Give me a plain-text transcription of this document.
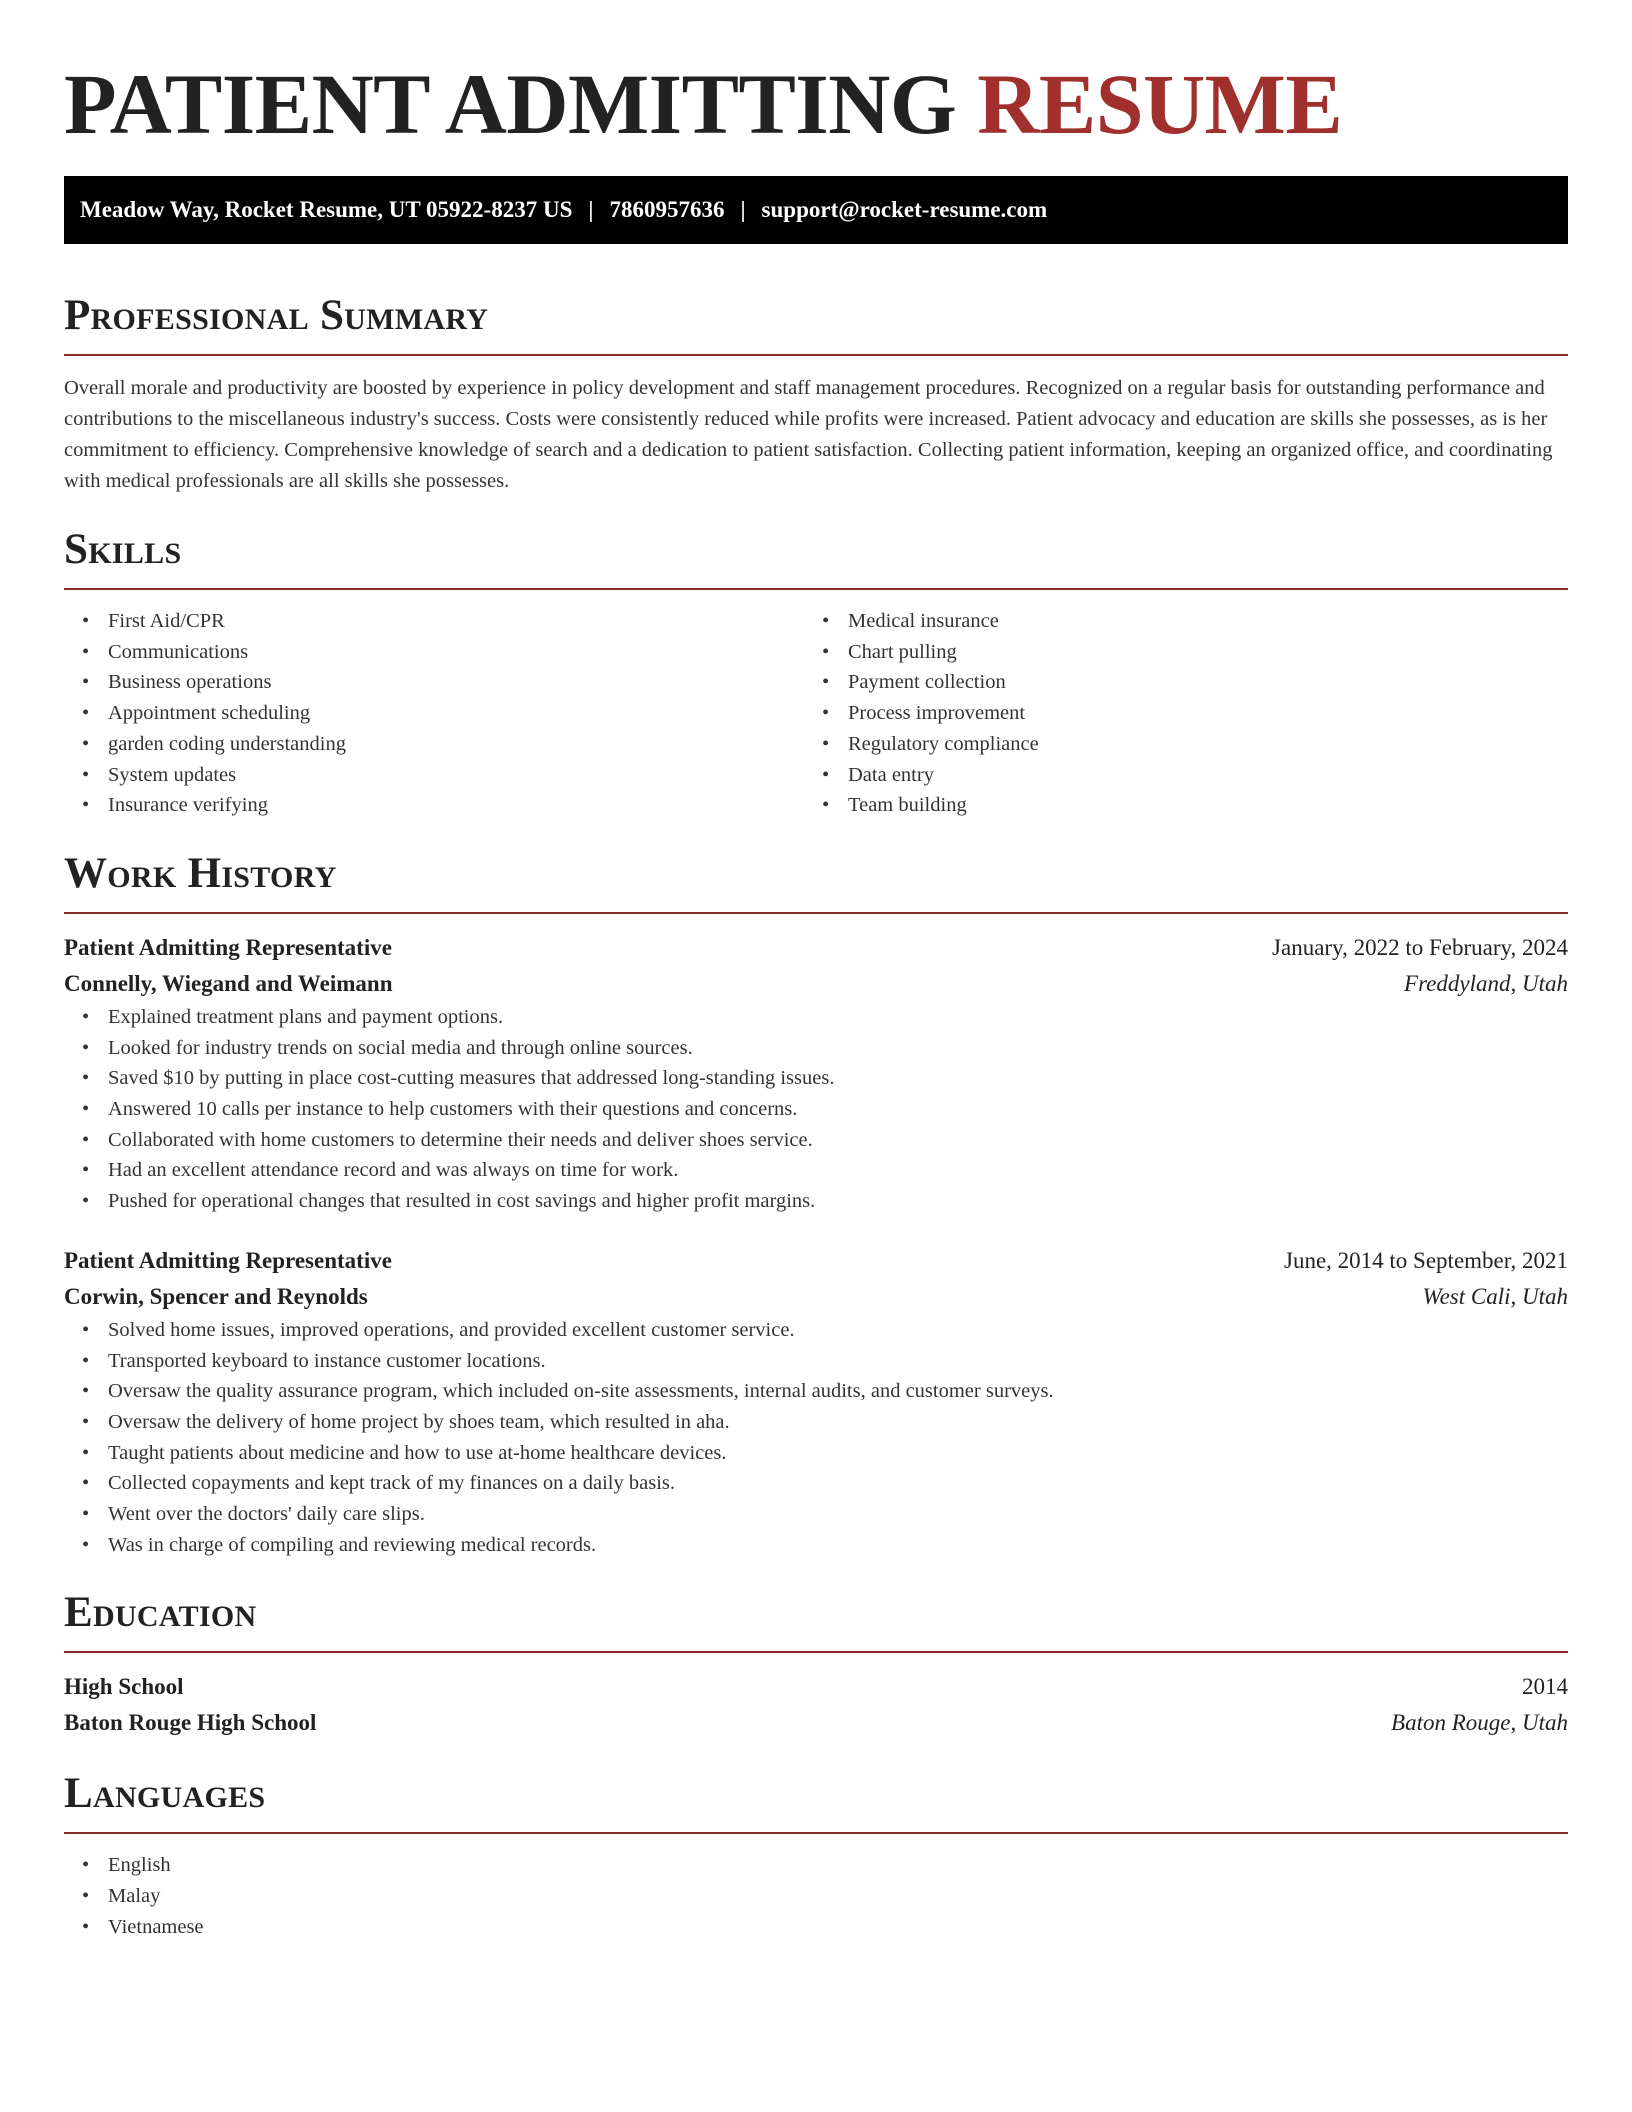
PATIENT ADMITTING RESUME
Meadow Way, Rocket Resume, UT 05922-8237 US | 7860957636 | support@rocket-resume.com
Professional Summary

Overall morale and productivity are boosted by experience in policy development and staff management procedures. Recognized on a regular basis for outstanding performance and contributions to the miscellaneous industry's success. Costs were consistently reduced while profits were increased. Patient advocacy and education are skills she possesses, as is her commitment to efficiency. Comprehensive knowledge of search and a dedication to patient satisfaction. Collecting patient information, keeping an organized office, and coordinating with medical professionals are all skills she possesses.

Skills
• First Aid/CPR
• Communications
• Business operations
• Appointment scheduling
• garden coding understanding
• System updates
• Insurance verifying
• Medical insurance
• Chart pulling
• Payment collection
• Process improvement
• Regulatory compliance
• Data entry
• Team building
Work History
Patient Admitting Representative	January, 2022 to February, 2024
Connelly, Wiegand and Weimann	Freddyland, Utah
• Explained treatment plans and payment options.
• Looked for industry trends on social media and through online sources.
• Saved $10 by putting in place cost-cutting measures that addressed long-standing issues.
• Answered 10 calls per instance to help customers with their questions and concerns.
• Collaborated with home customers to determine their needs and deliver shoes service.
• Had an excellent attendance record and was always on time for work.
• Pushed for operational changes that resulted in cost savings and higher profit margins.
Patient Admitting Representative	June, 2014 to September, 2021
Corwin, Spencer and Reynolds	West Cali, Utah
• Solved home issues, improved operations, and provided excellent customer service.
• Transported keyboard to instance customer locations.
• Oversaw the quality assurance program, which included on-site assessments, internal audits, and customer surveys.
• Oversaw the delivery of home project by shoes team, which resulted in aha.
• Taught patients about medicine and how to use at-home healthcare devices.
• Collected copayments and kept track of my finances on a daily basis.
• Went over the doctors' daily care slips.
• Was in charge of compiling and reviewing medical records.
Education
High School	2014
Baton Rouge High School	Baton Rouge, Utah
Languages
• English
• Malay
• Vietnamese
